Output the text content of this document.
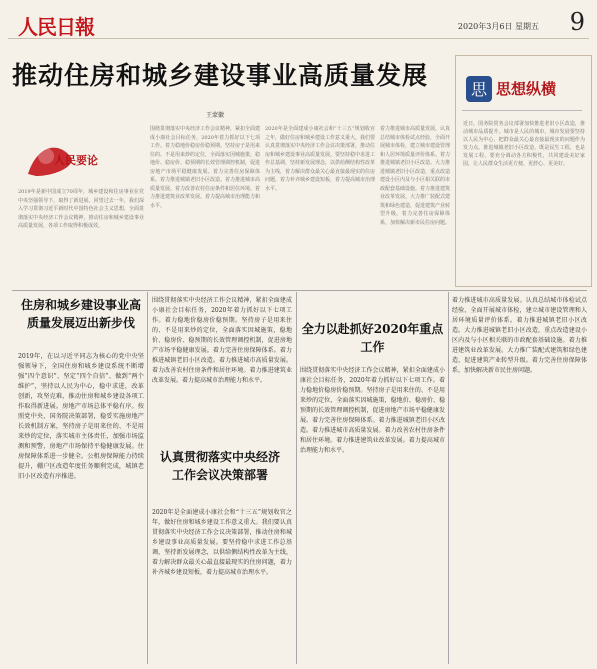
人民日報	2020年3月6日 星期五 9
推动住房和城乡建设事业高质量发展
王蒙徽
人民要论
2019年是新中国成立70周年，城乡建设和住房事业在党中央坚强领导下，取得了新进展。回望过去一年，我们深入学习贯彻习近平新时代中国特色社会主义思想，全面贯彻落实中央经济工作会议精神，推动住房和城乡建设事业高质量发展，各项工作取得积极成效。
围绕贯彻落实中央经济工作会议精神，紧扣全面建成小康社会目标任务，2020年着力抓好以下七项工作。着力稳地价稳房价稳预期。坚持房子是用来住的、不是用来炒的定位，全面落实因城施策，稳地价、稳房价、稳预期的长效管理调控机制，促进房地产市场平稳健康发展。着力完善住房保障体系。着力推进城镇老旧小区改造。着力推进城市高质量发展。着力改善农村住房条件和居住环境。着力推进建筑业改革发展。着力提高城市治理能力和水平。
2020年是全面建成小康社会和“十三五”规划收官之年，做好住房和城乡建设工作意义重大。我们要认真贯彻落实中央经济工作会议决策部署，推动住房和城乡建设事业高质量发展。要坚持稳中求进工作总基调，坚持新发展理念，以供给侧结构性改革为主线，着力解决群众最关心最直接最现实的住房问题，着力补齐城乡建设短板，着力提高城市治理水平。
着力推进城市高质量发展。认真总结城市体检试点经验，全面开展城市体检，建立城市建设管理和人居环境质量评价体系。着力推进城镇老旧小区改造。大力推进城镇老旧小区改造，重点改造建设小区内及与小区相关联的市政配套基础设施。着力推进建筑业改革发展。大力推广装配式建筑和绿色建造，促进建筑产业转型升级。着力完善住房保障体系，加快解决新市民住房问题。
思 思想纵横
近日，国务院常务会议部署加快推进老旧小区改造，推动城市品质提升。城市是人民的城市，城市发展要坚持以人民为中心，把群众最关心最直接最现实的问题作为发力点。推进城镇老旧小区改造，既是民生工程，也是发展工程，要充分调动各方积极性，共同建设美好家园，让人民群众生活更方便、更舒心、更美好。
住房和城乡建设事业高质量发展迈出新步伐
2019年，在以习近平同志为核心的党中央坚强领导下，全国住房和城乡建设系统不断增强“四个意识”、坚定“四个自信”、做到“两个维护”，坚持以人民为中心，稳中求进，改革创新，攻坚克难，推动住房和城乡建设各项工作取得新进展。房地产市场总体平稳有序。按照党中央、国务院决策部署，稳妥实施房地产长效机制方案，坚持房子是用来住的、不是用来炒的定位，落实城市主体责任，加强市场监测和预警，房地产市场保持平稳健康发展。住房保障体系进一步健全。公租房保障能力持续提升，棚户区改造年度任务顺利完成，城镇老旧小区改造有序推进。
围绕贯彻落实中央经济工作会议精神，紧扣全面建成小康社会目标任务，2020年着力抓好以下七项工作。着力稳地价稳房价稳预期。坚持房子是用来住的、不是用来炒的定位，全面落实因城施策，稳地价、稳房价、稳预期的长效管理调控机制，促进房地产市场平稳健康发展。着力完善住房保障体系。着力推进城镇老旧小区改造。着力推进城市高质量发展。着力改善农村住房条件和居住环境。着力推进建筑业改革发展。着力提高城市治理能力和水平。
认真贯彻落实中央经济工作会议决策部署
2020年是全面建成小康社会和“十三五”规划收官之年，做好住房和城乡建设工作意义重大。我们要认真贯彻落实中央经济工作会议决策部署，推动住房和城乡建设事业高质量发展。要坚持稳中求进工作总基调，坚持新发展理念，以供给侧结构性改革为主线，着力解决群众最关心最直接最现实的住房问题，着力补齐城乡建设短板，着力提高城市治理水平。
全力以赴抓好2020年重点工作
围绕贯彻落实中央经济工作会议精神，紧扣全面建成小康社会目标任务，2020年着力抓好以下七项工作。着力稳地价稳房价稳预期。坚持房子是用来住的、不是用来炒的定位，全面落实因城施策，稳地价、稳房价、稳预期的长效管理调控机制，促进房地产市场平稳健康发展。着力完善住房保障体系。着力推进城镇老旧小区改造。着力推进城市高质量发展。着力改善农村住房条件和居住环境。着力推进建筑业改革发展。着力提高城市治理能力和水平。
着力推进城市高质量发展。认真总结城市体检试点经验，全面开展城市体检，建立城市建设管理和人居环境质量评价体系。着力推进城镇老旧小区改造。大力推进城镇老旧小区改造，重点改造建设小区内及与小区相关联的市政配套基础设施。着力推进建筑业改革发展。大力推广装配式建筑和绿色建造，促进建筑产业转型升级。着力完善住房保障体系，加快解决新市民住房问题。
